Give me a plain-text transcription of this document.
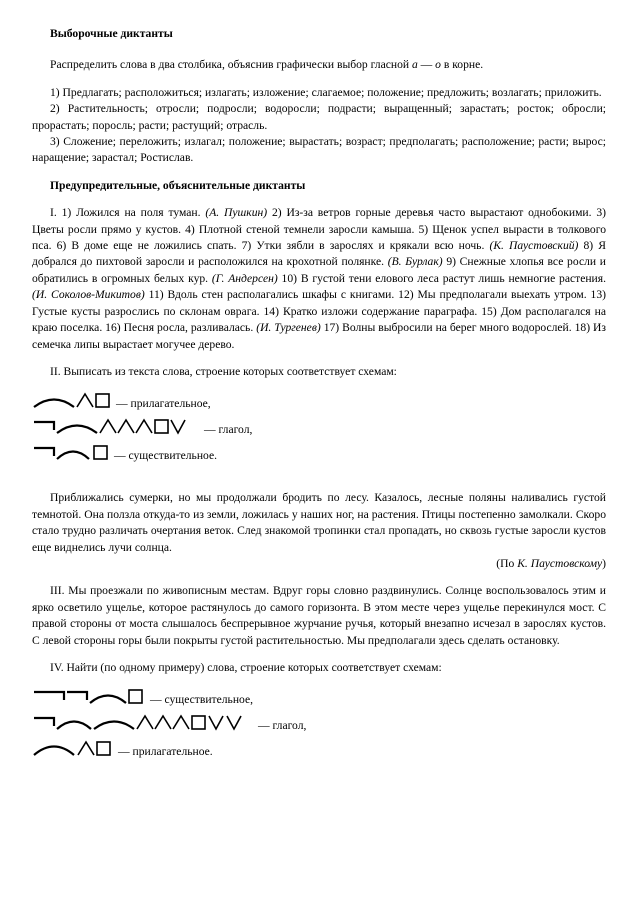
Выборочные диктанты

Распределить слова в два столбика, объяснив графически выбор гласной а — о в корне.

1) Предлагать; расположиться; излагать; изложение; слагаемое; положение; предложить; возлагать; приложить.

2) Растительность; отросли; подросли; водоросли; подрасти; выращенный; зарастать; росток; обросли; прорастать; поросль; расти; растущий; отрасль.

3) Сложение; переложить; излагал; положение; вырастать; возраст; предполагать; расположение; расти; вырос; наращение; зарастал; Ростислав.

Предупредительные, объяснительные диктанты

I. 1) Ложился на поля туман. (А. Пушкин) 2) Из-за ветров горные деревья часто вырастают однобокими. 3) Цветы росли прямо у кустов. 4) Плотной стеной темнели заросли камыша. 5) Щенок успел вырасти в толкового пса. 6) В доме еще не ложились спать. 7) Утки зябли в зарослях и крякали всю ночь. (К. Паустовский) 8) Я добрался до пихтовой заросли и расположился на крохотной полянке. (В. Бурлак) 9) Снежные хлопья все росли и обратились в огромных белых кур. (Г. Андерсен) 10) В густой тени елового леса растут лишь немногие растения. (И. Соколов-Микитов) 11) Вдоль стен располагались шкафы с книгами. 12) Мы предполагали выехать утром. 13) Густые кусты разрослись по склонам оврага. 14) Кратко изложи содержание параграфа. 15) Дом располагался на краю поселка. 16) Песня росла, разливалась. (И. Тургенев) 17) Волны выбросили на берег много водорослей. 18) Из семечка липы вырастает могучее дерево.

II. Выписать из текста слова, строение которых соответствует схемам:

— прилагательное,
— глагол,
— существительное.

Приближались сумерки, но мы продолжали бродить по лесу. Казалось, лесные поляны наливались густой темнотой. Она ползла откуда-то из земли, ложилась у наших ног, на растения. Птицы постепенно замолкали. Скоро стало трудно различать очертания веток. След знакомой тропинки стал пропадать, но сквозь густые заросли кустов еще виднелись лучи солнца.

(По К. Паустовскому)

III. Мы проезжали по живописным местам. Вдруг горы словно раздвинулись. Солнце воспользовалось этим и ярко осветило ущелье, которое растянулось до самого горизонта. В этом месте через ущелье перекинулся мост. С правой стороны от моста слышалось беспрерывное журчание ручья, который внезапно исчезал в зарослях кустов. С левой стороны горы были покрыты густой растительностью. Мы предполагали здесь сделать остановку.

IV. Найти (по одному примеру) слова, строение которых соответствует схемам:

— существительное,
— глагол,
— прилагательное.
